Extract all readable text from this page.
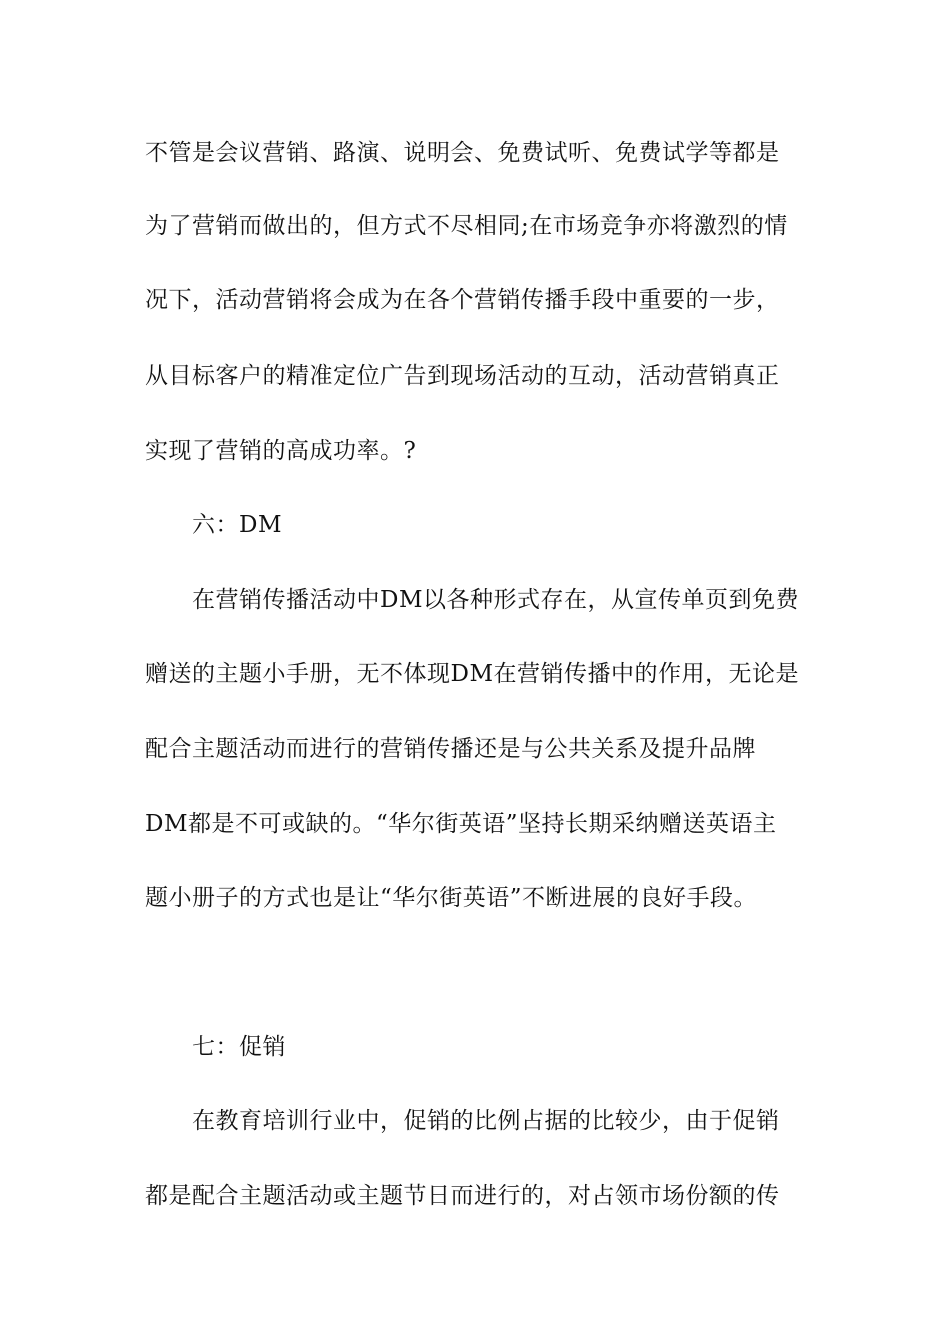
不管是会议营销、路演、说明会、免费试听、免费试学等都是
为了营销而做出的，但方式不尽相同;在市场竞争亦将激烈的情
况下，活动营销将会成为在各个营销传播手段中重要的一步，
从目标客户的精准定位广告到现场活动的互动，活动营销真正
实现了营销的高成功率。?
六：DM
在营销传播活动中DM以各种形式存在，从宣传单页到免费
赠送的主题小手册，无不体现DM在营销传播中的作用，无论是
配合主题活动而进行的营销传播还是与公共关系及提升品牌
DM都是不可或缺的。“华尔街英语”坚持长期采纳赠送英语主
题小册子的方式也是让“华尔街英语”不断进展的良好手段。
七：促销
在教育培训行业中，促销的比例占据的比较少，由于促销
都是配合主题活动或主题节日而进行的，对占领市场份额的传
